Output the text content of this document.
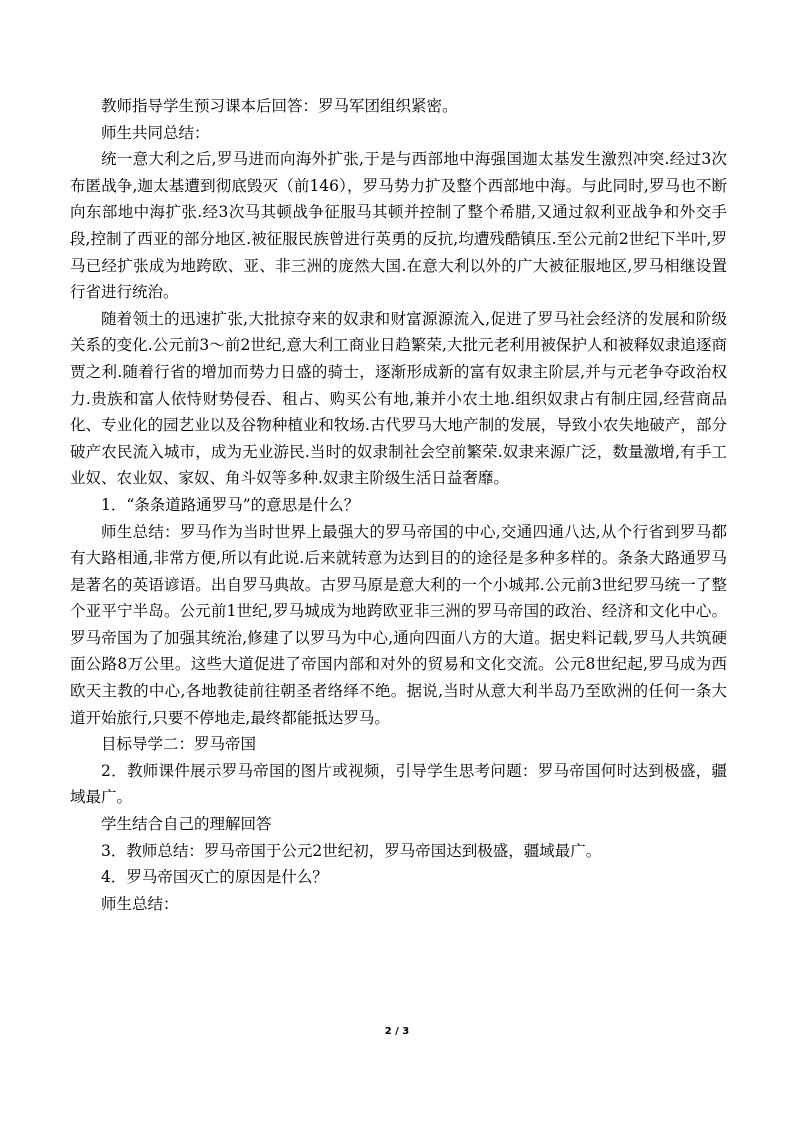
教师指导学生预习课本后回答：罗马军团组织紧密。

师生共同总结：

统一意大利之后,罗马进而向海外扩张,于是与西部地中海强国迦太基发生激烈冲突.经过3次布匿战争,迦太基遭到彻底毁灭（前146），罗马势力扩及整个西部地中海。与此同时,罗马也不断向东部地中海扩张.经3次马其顿战争征服马其顿并控制了整个希腊,又通过叙利亚战争和外交手段,控制了西亚的部分地区.被征服民族曾进行英勇的反抗,均遭残酷镇压.至公元前2世纪下半叶,罗马已经扩张成为地跨欧、亚、非三洲的庞然大国.在意大利以外的广大被征服地区,罗马相继设置行省进行统治。

随着领土的迅速扩张,大批掠夺来的奴隶和财富源源流入,促进了罗马社会经济的发展和阶级关系的变化.公元前3～前2世纪,意大利工商业日趋繁荣,大批元老利用被保护人和被释奴隶追逐商贾之利.随着行省的增加而势力日盛的骑士，逐渐形成新的富有奴隶主阶层,并与元老争夺政治权力.贵族和富人依恃财势侵吞、租占、购买公有地,兼并小农土地.组织奴隶占有制庄园,经营商品化、专业化的园艺业以及谷物种植业和牧场.古代罗马大地产制的发展，导致小农失地破产，部分破产农民流入城市，成为无业游民.当时的奴隶制社会空前繁荣.奴隶来源广泛，数量激增,有手工业奴、农业奴、家奴、角斗奴等多种.奴隶主阶级生活日益奢靡。

1．“条条道路通罗马”的意思是什么？

师生总结：罗马作为当时世界上最强大的罗马帝国的中心,交通四通八达,从个行省到罗马都有大路相通,非常方便,所以有此说.后来就转意为达到目的的途径是多种多样的。条条大路通罗马是著名的英语谚语。出自罗马典故。古罗马原是意大利的一个小城邦.公元前3世纪罗马统一了整个亚平宁半岛。公元前1世纪,罗马城成为地跨欧亚非三洲的罗马帝国的政治、经济和文化中心。罗马帝国为了加强其统治,修建了以罗马为中心,通向四面八方的大道。据史料记载,罗马人共筑硬面公路8万公里。这些大道促进了帝国内部和对外的贸易和文化交流。公元8世纪起,罗马成为西欧天主教的中心,各地教徒前往朝圣者络绎不绝。据说,当时从意大利半岛乃至欧洲的任何一条大道开始旅行,只要不停地走,最终都能抵达罗马。

目标导学二：罗马帝国

2．教师课件展示罗马帝国的图片或视频，引导学生思考问题：罗马帝国何时达到极盛，疆域最广。

学生结合自己的理解回答

3．教师总结：罗马帝国于公元2世纪初，罗马帝国达到极盛，疆域最广。

4．罗马帝国灭亡的原因是什么？

师生总结：

2 / 3
